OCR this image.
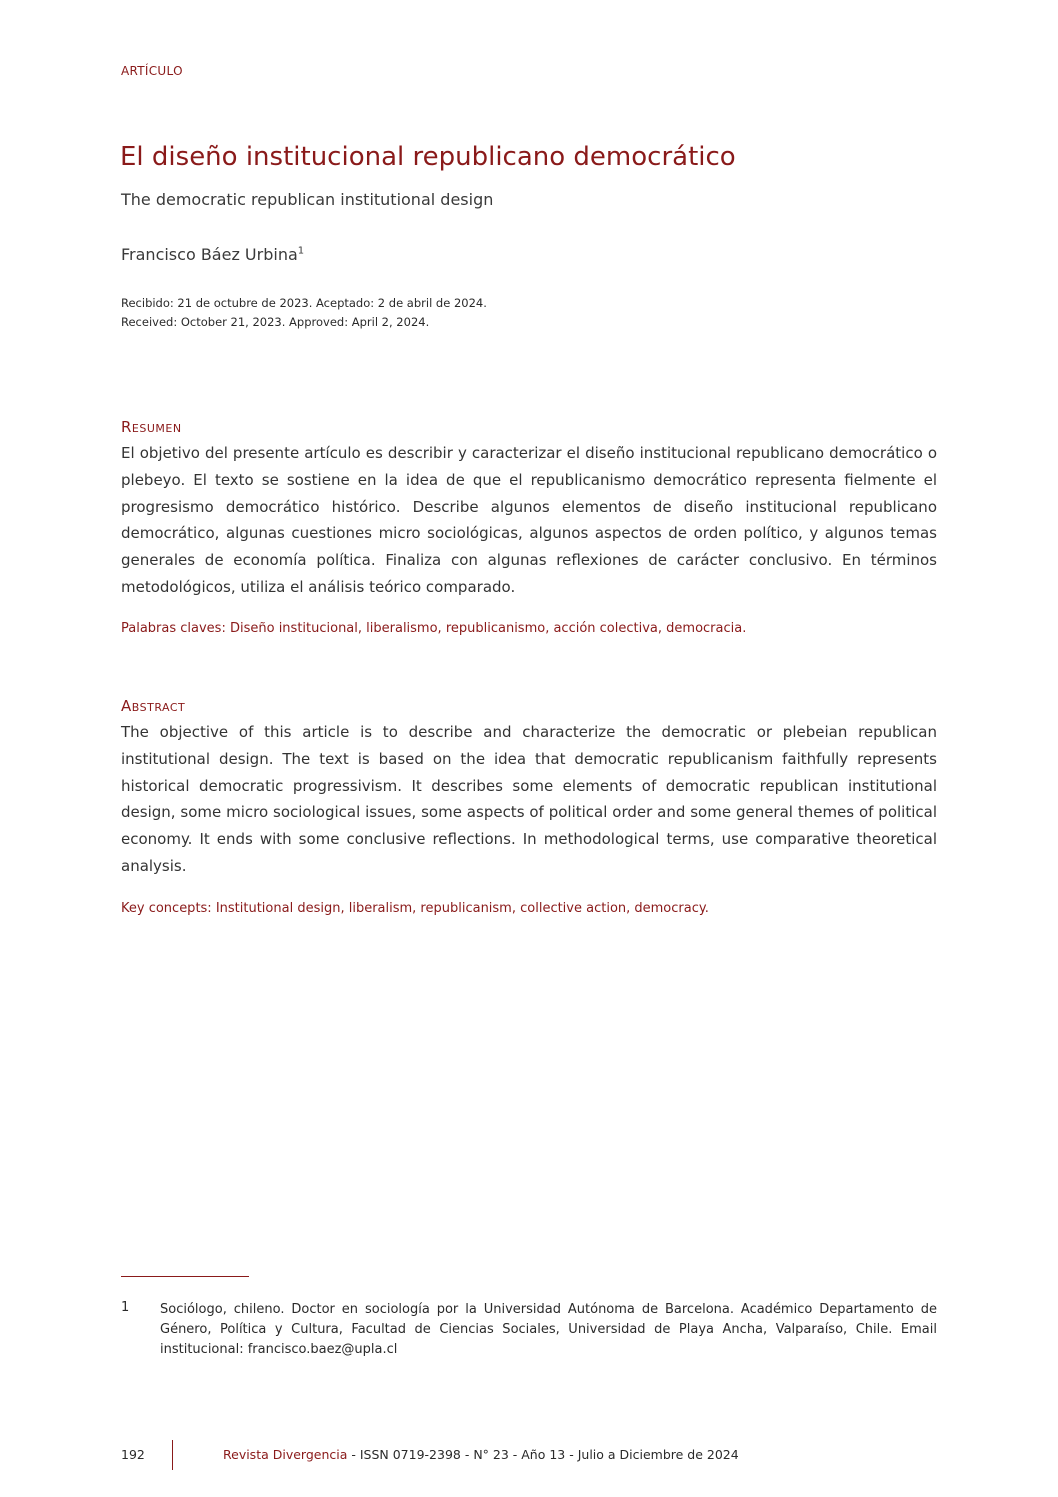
ARTÍCULO
El diseño institucional republicano democrático
The democratic republican institutional design
Francisco Báez Urbina$^1$
Recibido: 21 de octubre de 2023. Aceptado: 2 de abril de 2024.
Received: October 21, 2023. Approved: April 2, 2024.
Resumen

El objetivo del presente artículo es describir y caracterizar el diseño institucional republicano democrático o plebeyo. El texto se sostiene en la idea de que el republicanismo democrático representa fielmente el progresismo democrático histórico. Describe algunos elementos de diseño institucional republicano democrático, algunas cuestiones micro sociológicas, algunos aspectos de orden político, y algunos temas generales de economía política. Finaliza con algunas reflexiones de carácter conclusivo. En términos metodológicos, utiliza el análisis teórico comparado.

Palabras claves: Diseño institucional, liberalismo, republicanismo, acción colectiva, democracia.
Abstract

The objective of this article is to describe and characterize the democratic or plebeian republican institutional design. The text is based on the idea that democratic republicanism faithfully represents historical democratic progressivism. It describes some elements of democratic republican institutional design, some micro sociological issues, some aspects of political order and some general themes of political economy. It ends with some conclusive reflections. In methodological terms, use comparative theoretical analysis.

Key concepts: Institutional design, liberalism, republicanism, collective action, democracy.
1 Sociólogo, chileno. Doctor en sociología por la Universidad Autónoma de Barcelona. Académico Departamento de Género, Política y Cultura, Facultad de Ciencias Sociales, Universidad de Playa Ancha, Valparaíso, Chile. Email institucional: francisco.baez@upla.cl

192	Revista Divergencia - ISSN 0719-2398 - N° 23 - Año 13 - Julio a Diciembre de 2024
